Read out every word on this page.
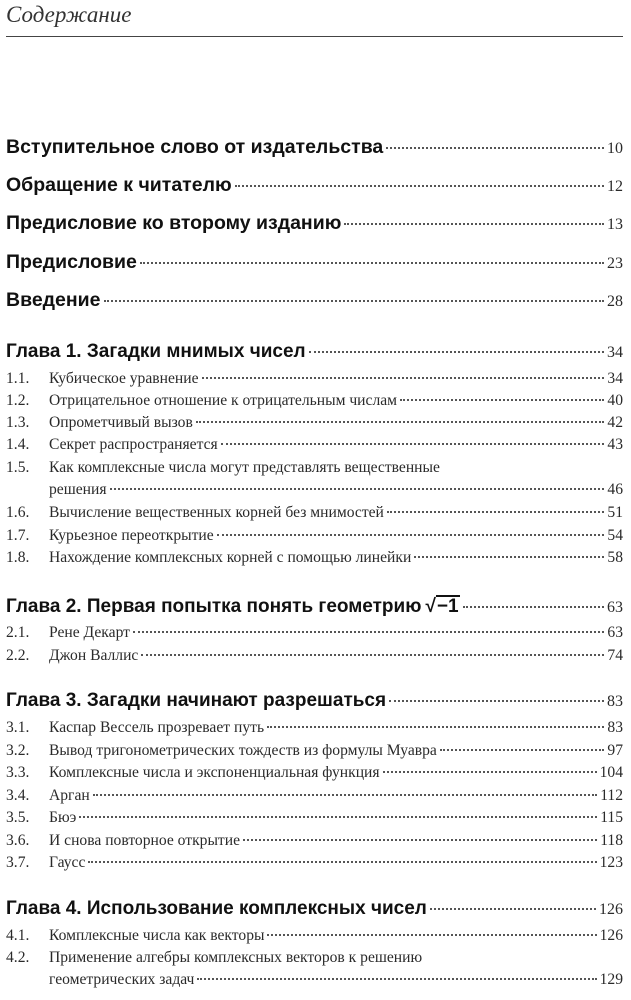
Содержание
Вступительное слово от издательства	10
Обращение к читателю	12
Предисловие ко второму изданию	13
Предисловие	23
Введение	28
Глава 1.
Загадки мнимых чисел	34
1.1.	Кубическое уравнение	34
1.2.	Отрицательное отношение к отрицательным числам	40
1.3.	Опрометчивый вызов	42
1.4.	Секрет распространяется	43
1.5.	Как комплексные числа могут представлять вещественные
решения	46
1.6.	Вычисление вещественных корней без мнимостей	51
1.7.	Курьезное переоткрытие	54
1.8.	Нахождение комплексных корней с помощью линейки	58
Глава 2.
Первая попытка понять геометрию √−1	63
2.1.	Рене Декарт	63
2.2.	Джон Валлис	74
Глава 3.
Загадки начинают разрешаться	83
3.1.	Каспар Вессель прозревает путь	83
3.2.	Вывод тригонометрических тождеств из формулы Муавра	97
3.3.	Комплексные числа и экспоненциальная функция	104
3.4.	Арган	112
3.5.	Бюэ	115
3.6.	И снова повторное открытие	118
3.7.	Гаусс	123
Глава 4.
Использование комплексных чисел	126
4.1.	Комплексные числа как векторы	126
4.2.	Применение алгебры комплексных векторов к решению
геометрических задач	129
